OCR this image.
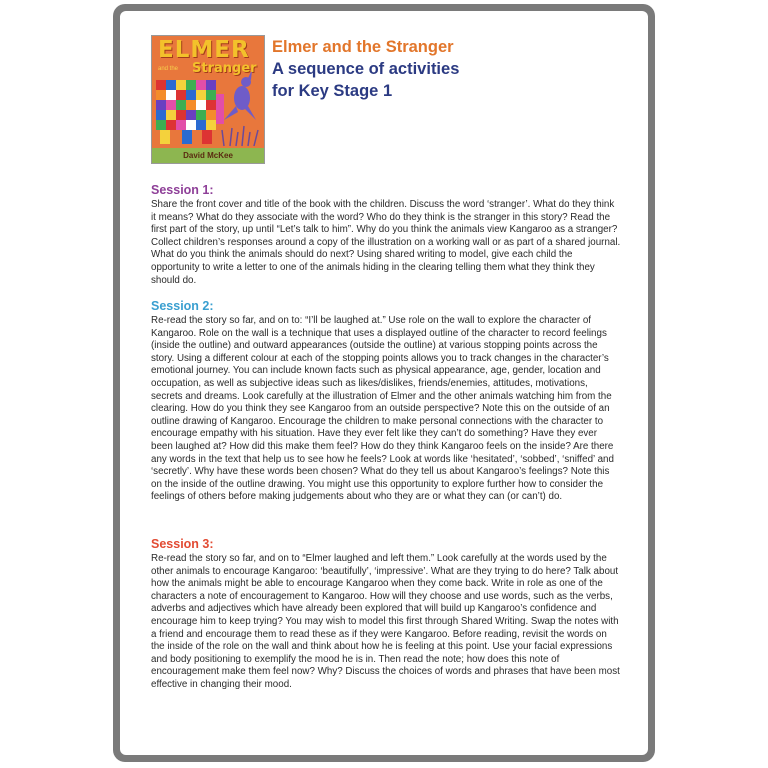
ELMER
and the	Stranger
David McKee
Elmer and the Stranger
A sequence of activities
for Key Stage 1
Session 1:
Share the front cover and title of the book with the children. Discuss the word ‘stranger’. What do they think it means? What do they associate with the word? Who do they think is the stranger in this story? Read the first part of the story, up until “Let’s talk to him”. Why do you think the animals view Kangaroo as a stranger? Collect children’s responses around a copy of the illustration on a working wall or as part of a shared journal. What do you think the animals should do next? Using shared writing to model, give each child the opportunity to write a letter to one of the animals hiding in the clearing telling them what they think they should do.
Session 2:
Re-read the story so far, and on to: “I’ll be laughed at.” Use role on the wall to explore the character of Kangaroo. Role on the wall is a technique that uses a displayed outline of the character to record feelings (inside the outline) and outward appearances (outside the outline) at various stopping points across the story. Using a different colour at each of the stopping points allows you to track changes in the character’s emotional journey. You can include known facts such as physical appearance, age, gender, location and occupation, as well as subjective ideas such as likes/dislikes, friends/enemies, attitudes, motivations, secrets and dreams. Look carefully at the illustration of Elmer and the other animals watching him from the clearing. How do you think they see Kangaroo from an outside perspective? Note this on the outside of an outline drawing of Kangaroo. Encourage the children to make personal connections with the character to encourage empathy with his situation. Have they ever felt like they can’t do something? Have they ever been laughed at? How did this make them feel? How do they think Kangaroo feels on the inside? Are there any words in the text that help us to see how he feels? Look at words like ‘hesitated’, ‘sobbed’, ‘sniffed’ and ‘secretly’. Why have these words been chosen? What do they tell us about Kangaroo’s feelings? Note this on the inside of the outline drawing. You might use this opportunity to explore further how to consider the feelings of others before making judgements about who they are or what they can (or can’t) do.
Session 3:
Re-read the story so far, and on to “Elmer laughed and left them.” Look carefully at the words used by the other animals to encourage Kangaroo: ‘beautifully’, ‘impressive’. What are they trying to do here? Talk about how the animals might be able to encourage Kangaroo when they come back. Write in role as one of the characters a note of encouragement to Kangaroo. How will they choose and use words, such as the verbs, adverbs and adjectives which have already been explored that will build up Kangaroo’s confidence and encourage him to keep trying? You may wish to model this first through Shared Writing. Swap the notes with a friend and encourage them to read these as if they were Kangaroo. Before reading, revisit the words on the inside of the role on the wall and think about how he is feeling at this point. Use your facial expressions and body positioning to exemplify the mood he is in. Then read the note; how does this note of encouragement make them feel now? Why? Discuss the choices of words and phrases that have been most effective in changing their mood.
